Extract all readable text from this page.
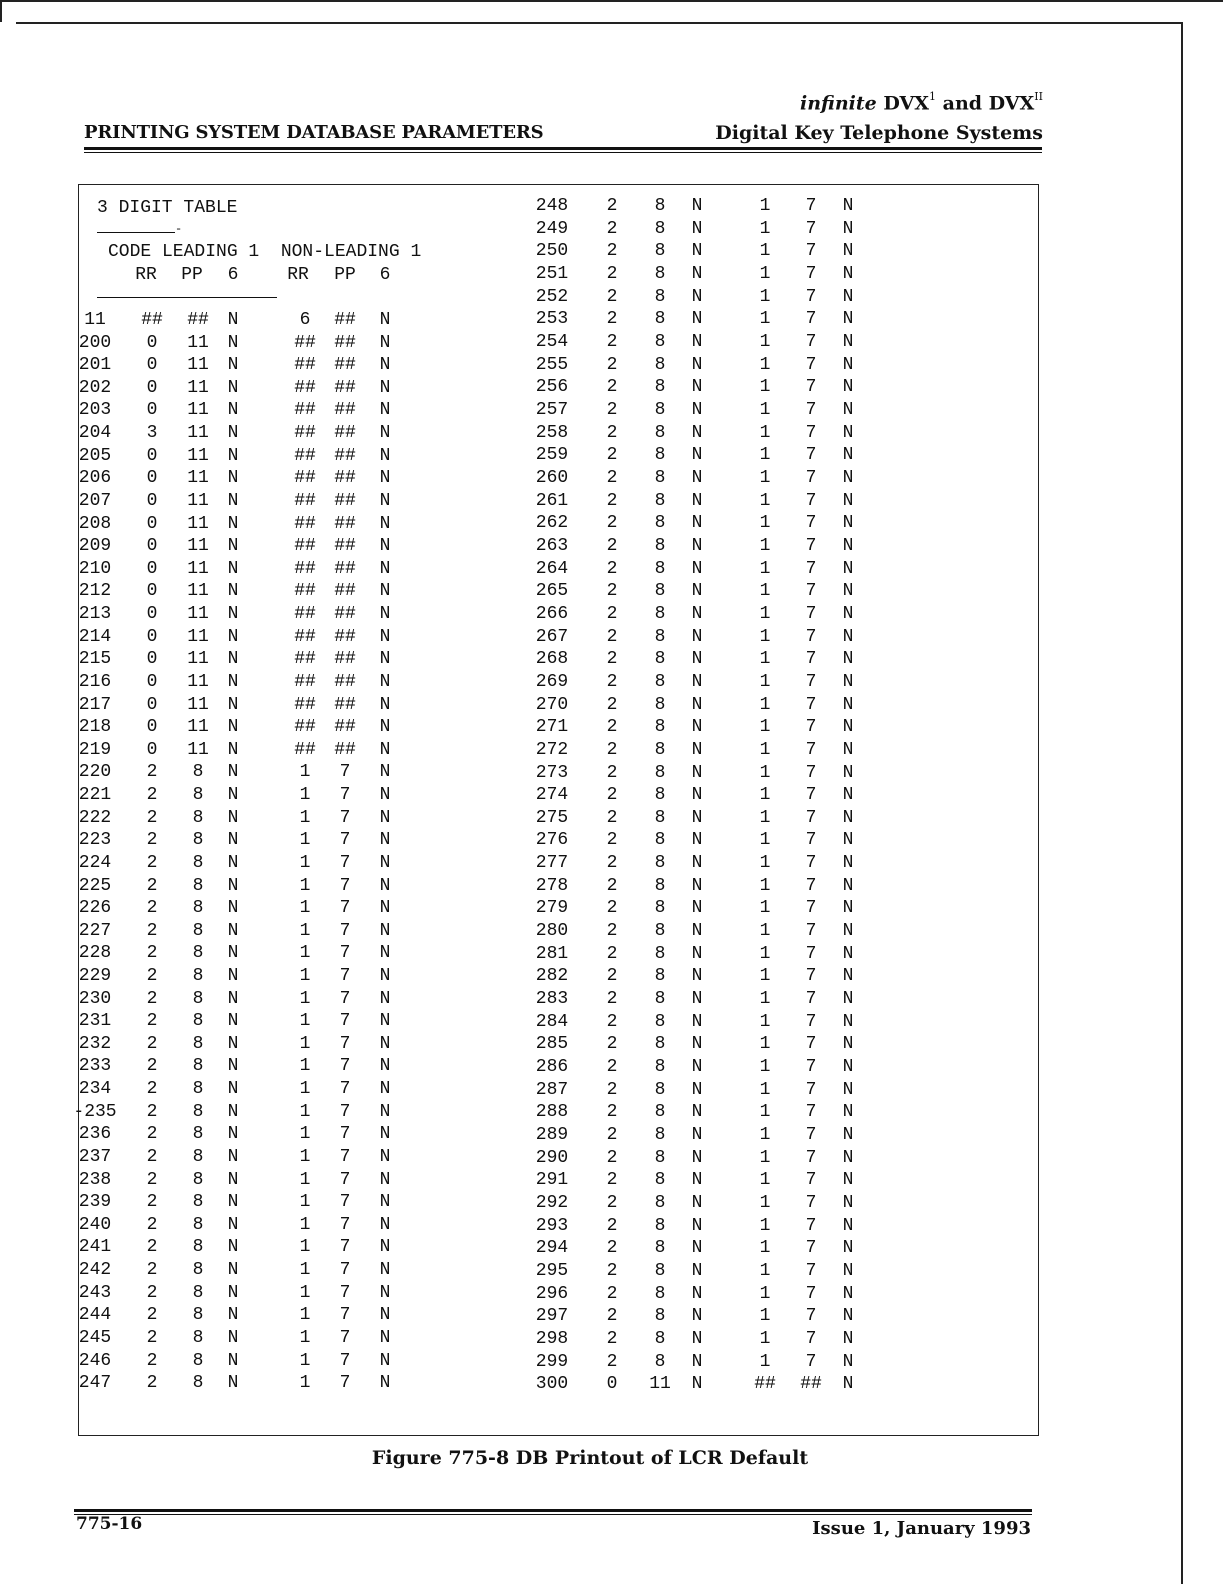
infinite DVX$^1$ and $DVX^{II}$
PRINTING SYSTEM DATABASE PARAMETERS	Digital Key Telephone Systems
3 DIGIT TABLE
-
CODE LEADING 1  NON-LEADING 1
RR	PP	6	RR	PP	6
11	##	##	N	6	##	N
200	0	11	N	##	##	N
201	0	11	N	##	##	N
202	0	11	N	##	##	N
203	0	11	N	##	##	N
204	3	11	N	##	##	N
205	0	11	N	##	##	N
206	0	11	N	##	##	N
207	0	11	N	##	##	N
208	0	11	N	##	##	N
209	0	11	N	##	##	N
210	0	11	N	##	##	N
212	0	11	N	##	##	N
213	0	11	N	##	##	N
214	0	11	N	##	##	N
215	0	11	N	##	##	N
216	0	11	N	##	##	N
217	0	11	N	##	##	N
218	0	11	N	##	##	N
219	0	11	N	##	##	N
220	2	8	N	1	7	N
221	2	8	N	1	7	N
222	2	8	N	1	7	N
223	2	8	N	1	7	N
224	2	8	N	1	7	N
225	2	8	N	1	7	N
226	2	8	N	1	7	N
227	2	8	N	1	7	N
228	2	8	N	1	7	N
229	2	8	N	1	7	N
230	2	8	N	1	7	N
231	2	8	N	1	7	N
232	2	8	N	1	7	N
233	2	8	N	1	7	N
234	2	8	N	1	7	N
-235	2	8	N	1	7	N
236	2	8	N	1	7	N
237	2	8	N	1	7	N
238	2	8	N	1	7	N
239	2	8	N	1	7	N
240	2	8	N	1	7	N
241	2	8	N	1	7	N
242	2	8	N	1	7	N
243	2	8	N	1	7	N
244	2	8	N	1	7	N
245	2	8	N	1	7	N
246	2	8	N	1	7	N
247	2	8	N	1	7	N
248	2	8	N	1	7	N
249	2	8	N	1	7	N
250	2	8	N	1	7	N
251	2	8	N	1	7	N
252	2	8	N	1	7	N
253	2	8	N	1	7	N
254	2	8	N	1	7	N
255	2	8	N	1	7	N
256	2	8	N	1	7	N
257	2	8	N	1	7	N
258	2	8	N	1	7	N
259	2	8	N	1	7	N
260	2	8	N	1	7	N
261	2	8	N	1	7	N
262	2	8	N	1	7	N
263	2	8	N	1	7	N
264	2	8	N	1	7	N
265	2	8	N	1	7	N
266	2	8	N	1	7	N
267	2	8	N	1	7	N
268	2	8	N	1	7	N
269	2	8	N	1	7	N
270	2	8	N	1	7	N
271	2	8	N	1	7	N
272	2	8	N	1	7	N
273	2	8	N	1	7	N
274	2	8	N	1	7	N
275	2	8	N	1	7	N
276	2	8	N	1	7	N
277	2	8	N	1	7	N
278	2	8	N	1	7	N
279	2	8	N	1	7	N
280	2	8	N	1	7	N
281	2	8	N	1	7	N
282	2	8	N	1	7	N
283	2	8	N	1	7	N
284	2	8	N	1	7	N
285	2	8	N	1	7	N
286	2	8	N	1	7	N
287	2	8	N	1	7	N
288	2	8	N	1	7	N
289	2	8	N	1	7	N
290	2	8	N	1	7	N
291	2	8	N	1	7	N
292	2	8	N	1	7	N
293	2	8	N	1	7	N
294	2	8	N	1	7	N
295	2	8	N	1	7	N
296	2	8	N	1	7	N
297	2	8	N	1	7	N
298	2	8	N	1	7	N
299	2	8	N	1	7	N
300	0	11	N	##	##	N
Figure 775-8 DB Printout of LCR Default
775-16	Issue 1, January 1993
